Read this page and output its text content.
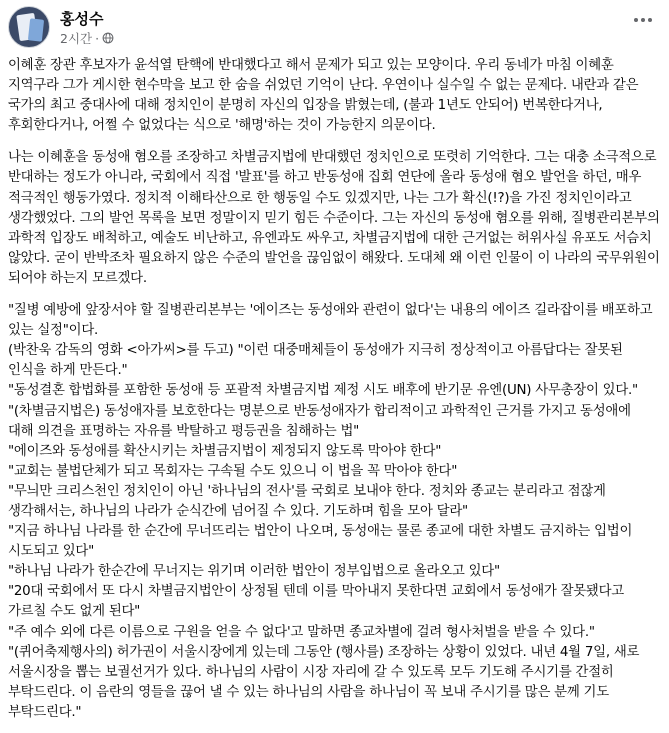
홍성수
2시간 ·

이혜훈 장관 후보자가 윤석열 탄핵에 반대했다고 해서 문제가 되고 있는 모양이다. 우리 동네가 마침 이혜훈 지역구라 그가 게시한 현수막을 보고 한 숨을 쉬었던 기억이 난다. 우연이나 실수일 수 없는 문제다. 내란과 같은 국가의 최고 중대사에 대해 정치인이 분명히 자신의 입장을 밝혔는데, (불과 1년도 안되어) 번복한다거나, 후회한다거나, 어쩔 수 없었다는 식으로 '해명'하는 것이 가능한지 의문이다.

나는 이혜훈을 동성애 혐오를 조장하고 차별금지법에 반대했던 정치인으로 또렷히 기억한다. 그는 대충 소극적으로 반대하는 정도가 아니라, 국회에서 직접 '발표'를 하고 반동성애 집회 연단에 올라 동성애 혐오 발언을 하던, 매우 적극적인 행동가였다. 정치적 이해타산으로 한 행동일 수도 있겠지만, 나는 그가 확신(!?)을 가진 정치인이라고 생각했었다. 그의 발언 목록을 보면 정말이지 믿기 힘든 수준이다. 그는 자신의 동성애 혐오를 위해, 질병관리본부의 과학적 입장도 배척하고, 예술도 비난하고, 유엔과도 싸우고, 차별금지법에 대한 근거없는 허위사실 유포도 서슴치 않았다. 굳이 반박조차 필요하지 않은 수준의 발언을 끊임없이 해왔다. 도대체 왜 이런 인물이 이 나라의 국무위원이 되어야 하는지 모르겠다.

"질병 예방에 앞장서야 할 질병관리본부는 '에이즈는 동성애와 관련이 없다'는 내용의 에이즈 길라잡이를 배포하고 있는 실정"이다.
(박찬욱 감독의 영화 <아가씨>를 두고) "이런 대중매체들이 동성애가 지극히 정상적이고 아름답다는 잘못된 인식을 하게 만든다."
"동성결혼 합법화를 포함한 동성애 등 포괄적 차별금지법 제정 시도 배후에 반기문 유엔(UN) 사무총장이 있다."
"(차별금지법은) 동성애자를 보호한다는 명분으로 반동성애자가 합리적이고 과학적인 근거를 가지고 동성애에 대해 의견을 표명하는 자유를 박탈하고 평등권을 침해하는 법"
"에이즈와 동성애를 확산시키는 차별금지법이 제정되지 않도록 막아야 한다"
"교회는 불법단체가 되고 목회자는 구속될 수도 있으니 이 법을 꼭 막아야 한다"
"무늬만 크리스천인 정치인이 아닌 '하나님의 전사'를 국회로 보내야 한다. 정치와 종교는 분리라고 점잖게 생각해서는, 하나님의 나라가 순식간에 넘어질 수 있다. 기도하며 힘을 모아 달라"
"지금 하나님 나라를 한 순간에 무너뜨리는 법안이 나오며, 동성애는 물론 종교에 대한 차별도 금지하는 입법이 시도되고 있다"
"하나님 나라가 한순간에 무너지는 위기며 이러한 법안이 정부입법으로 올라오고 있다"
"20대 국회에서 또 다시 차별금지법안이 상정될 텐데 이를 막아내지 못한다면 교회에서 동성애가 잘못됐다고 가르칠 수도 없게 된다"
"주 예수 외에 다른 이름으로 구원을 얻을 수 없다'고 말하면 종교차별에 걸려 형사처벌을 받을 수 있다."
"(퀴어축제행사의) 허가권이 서울시장에게 있는데 그동안 (행사를) 조장하는 상황이 있었다. 내년 4월 7일, 새로 서울시장을 뽑는 보궐선거가 있다. 하나님의 사람이 시장 자리에 갈 수 있도록 모두 기도해 주시기를 간절히 부탁드린다. 이 음란의 영들을 끊어 낼 수 있는 하나님의 사람을 하나님이 꼭 보내 주시기를 많은 분께 기도 부탁드린다."
